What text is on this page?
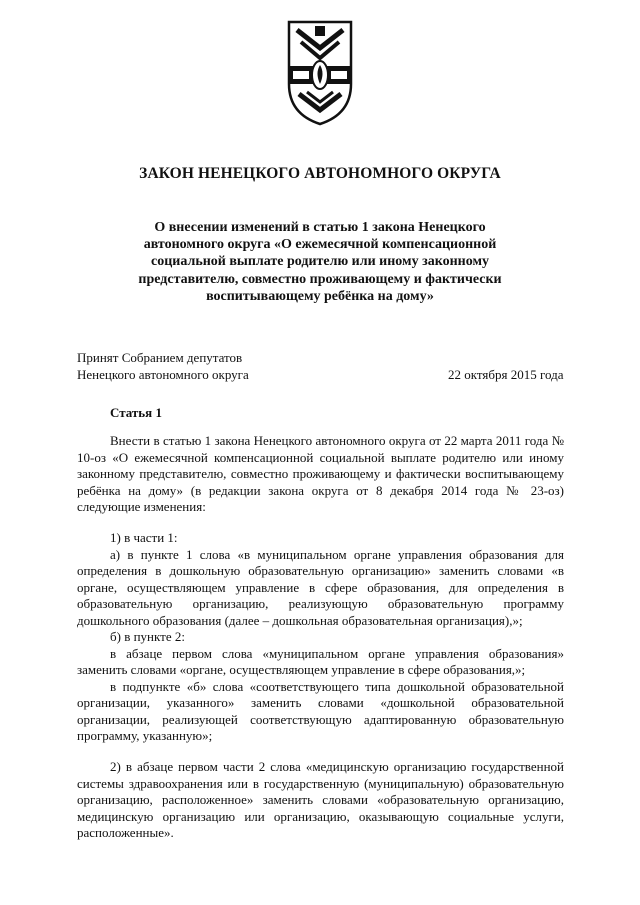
ЗАКОН НЕНЕЦКОГО АВТОНОМНОГО ОКРУГА
О внесении изменений в статью 1 закона Ненецкого
автономного округа «О ежемесячной компенсационной
социальной выплате родителю или иному законному
представителю, совместно проживающему и фактически
воспитывающему ребёнка на дому»
Принят Собранием депутатов
Ненецкого автономного округа	22 октября 2015 года
Статья 1

Внести в статью 1 закона Ненецкого автономного округа от 22 марта 2011 года № 10-оз «О ежемесячной компенсационной социальной выплате родителю или иному законному представителю, совместно проживающему и фактически воспитывающему ребёнка на дому» (в редакции закона округа от 8 декабря 2014 года № 23-оз) следующие изменения:

1) в части 1:

а) в пункте 1 слова «в муниципальном органе управления образования для определения в дошкольную образовательную организацию» заменить словами «в органе, осуществляющем управление в сфере образования, для определения в образовательную организацию, реализующую образовательную программу дошкольного образования (далее – дошкольная образовательная организация),»;

б) в пункте 2:

в абзаце первом слова «муниципальном органе управления образования» заменить словами «органе, осуществляющем управление в сфере образования,»;

в подпункте «б» слова «соответствующего типа дошкольной образовательной организации, указанного» заменить словами «дошкольной образовательной организации, реализующей соответствующую адаптированную образовательную программу, указанную»;

2) в абзаце первом части 2 слова «медицинскую организацию государственной системы здравоохранения или в государственную (муниципальную) образовательную организацию, расположенное» заменить словами «образовательную организацию, медицинскую организацию или организацию, оказывающую социальные услуги, расположенные».
